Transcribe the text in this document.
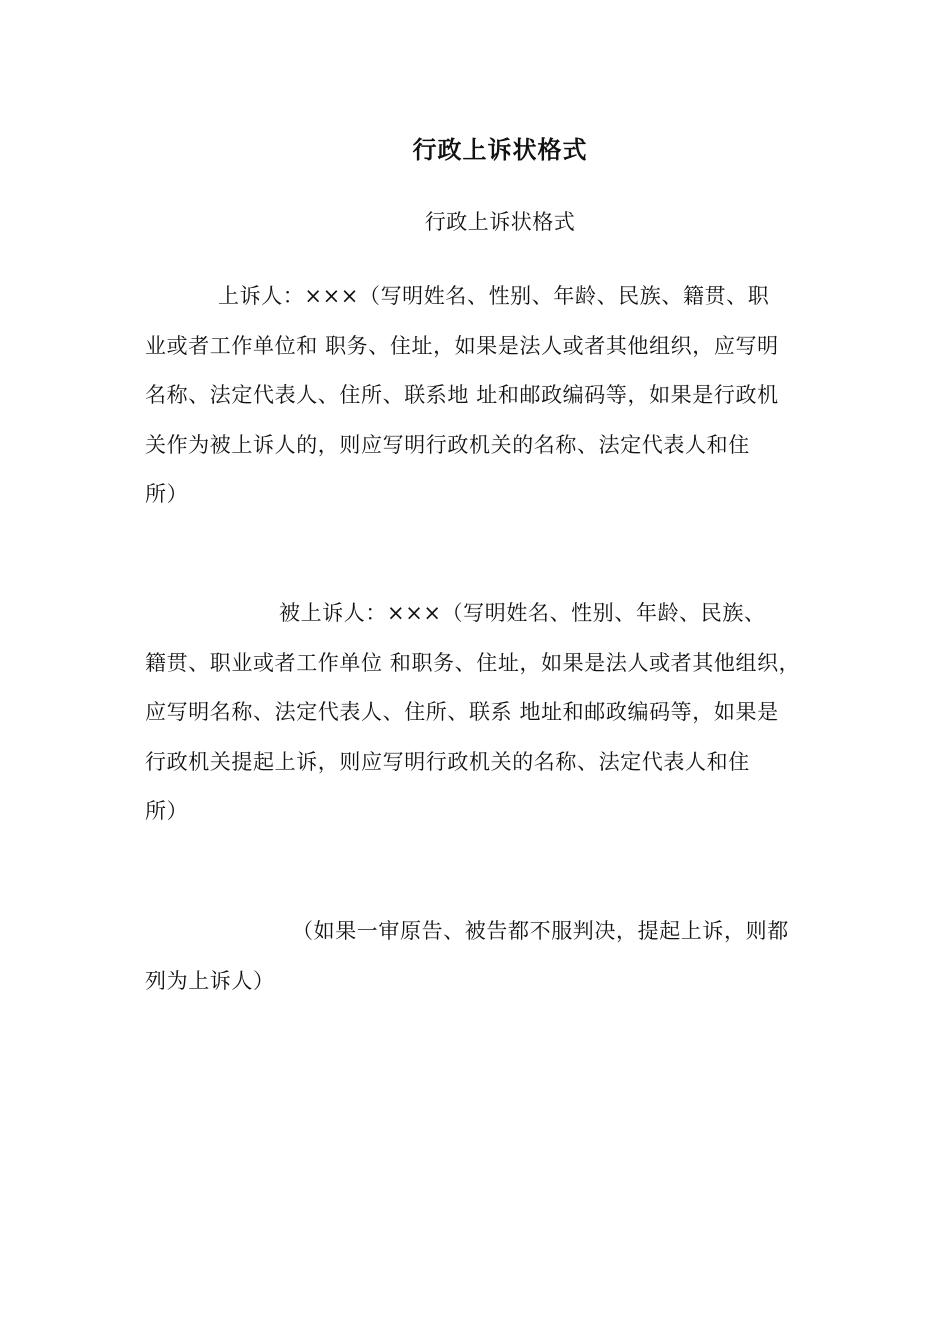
行政上诉状格式
行政上诉状格式
上诉人：×××（写明姓名、性别、年龄、民族、籍贯、职
业或者工作单位和 职务、住址，如果是法人或者其他组织，应写明
名称、法定代表人、住所、联系地 址和邮政编码等，如果是行政机
关作为被上诉人的，则应写明行政机关的名称、法定代表人和住
所）
被上诉人：×××（写明姓名、性别、年龄、民族、
籍贯、职业或者工作单位 和职务、住址，如果是法人或者其他组织，
应写明名称、法定代表人、住所、联系 地址和邮政编码等，如果是
行政机关提起上诉，则应写明行政机关的名称、法定代表人和住
所）
（如果一审原告、被告都不服判决，提起上诉，则都
列为上诉人）
